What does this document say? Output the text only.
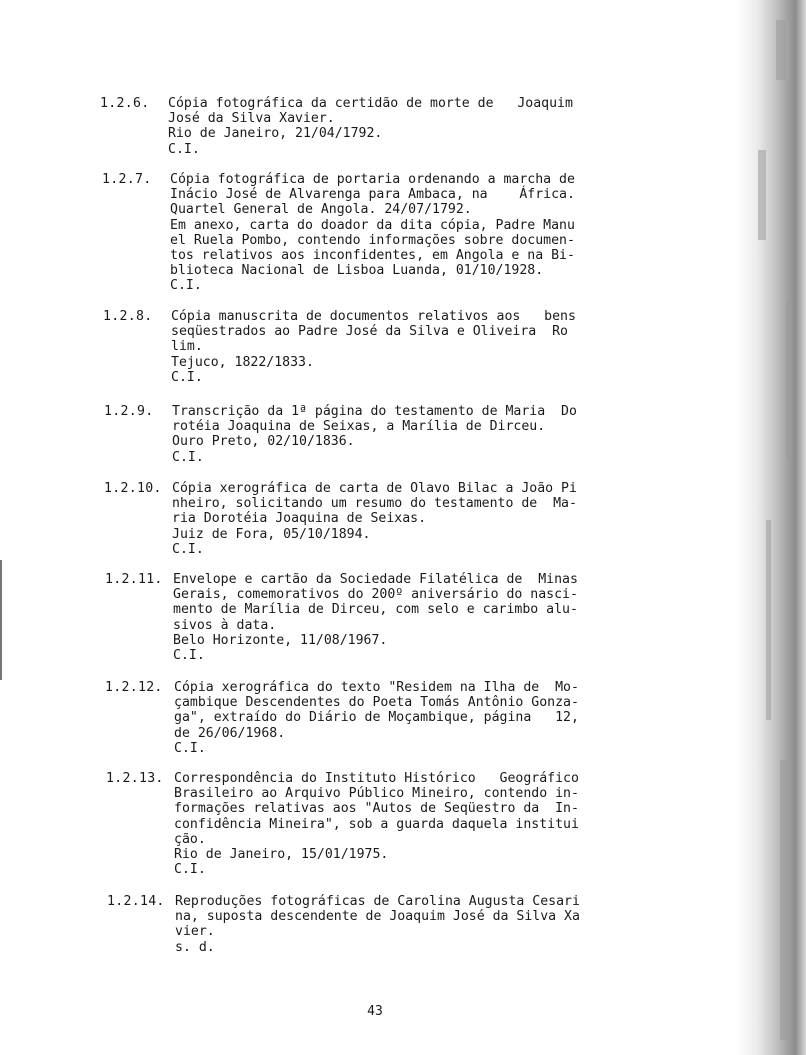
1.2.6.	Cópia fotográfica da certidão de morte de   Joaquim
José da Silva Xavier.
Rio de Janeiro, 21/04/1792.
C.I.
1.2.7.	Cópia fotográfica de portaria ordenando a marcha de
Inácio José de Alvarenga para Ambaca, na    África.
Quartel General de Angola. 24/07/1792.
Em anexo, carta do doador da dita cópia, Padre Manu
el Ruela Pombo, contendo informações sobre documen-
tos relativos aos inconfidentes, em Angola e na Bi-
blioteca Nacional de Lisboa Luanda, 01/10/1928.
C.I.
1.2.8.	Cópia manuscrita de documentos relativos aos   bens
seqüestrados ao Padre José da Silva e Oliveira  Ro
lim.
Tejuco, 1822/1833.
C.I.
1.2.9.	Transcrição da 1ª página do testamento de Maria  Do
rotéia Joaquina de Seixas, a Marília de Dirceu.
Ouro Preto, 02/10/1836.
C.I.
1.2.10. Cópia xerográfica de carta de Olavo Bilac a João Pi
nheiro, solicitando um resumo do testamento de  Ma-
ria Dorotéia Joaquina de Seixas.
Juiz de Fora, 05/10/1894.
C.I.
1.2.11. Envelope e cartão da Sociedade Filatélica de  Minas
Gerais, comemorativos do 200º aniversário do nasci-
mento de Marília de Dirceu, com selo e carimbo alu-
sivos à data.
Belo Horizonte, 11/08/1967.
C.I.
1.2.12. Cópia xerográfica do texto "Residem na Ilha de  Mo-
çambique Descendentes do Poeta Tomás Antônio Gonza-
ga", extraído do Diário de Moçambique, página   12,
de 26/06/1968.
C.I.
1.2.13. Correspondência do Instituto Histórico   Geográfico
Brasileiro ao Arquivo Público Mineiro, contendo in-
formações relativas aos "Autos de Seqüestro da  In-
confidência Mineira", sob a guarda daquela institui
ção.
Rio de Janeiro, 15/01/1975.
C.I.
1.2.14. Reproduções fotográficas de Carolina Augusta Cesari
na, suposta descendente de Joaquim José da Silva Xa
vier.
s. d.
43
